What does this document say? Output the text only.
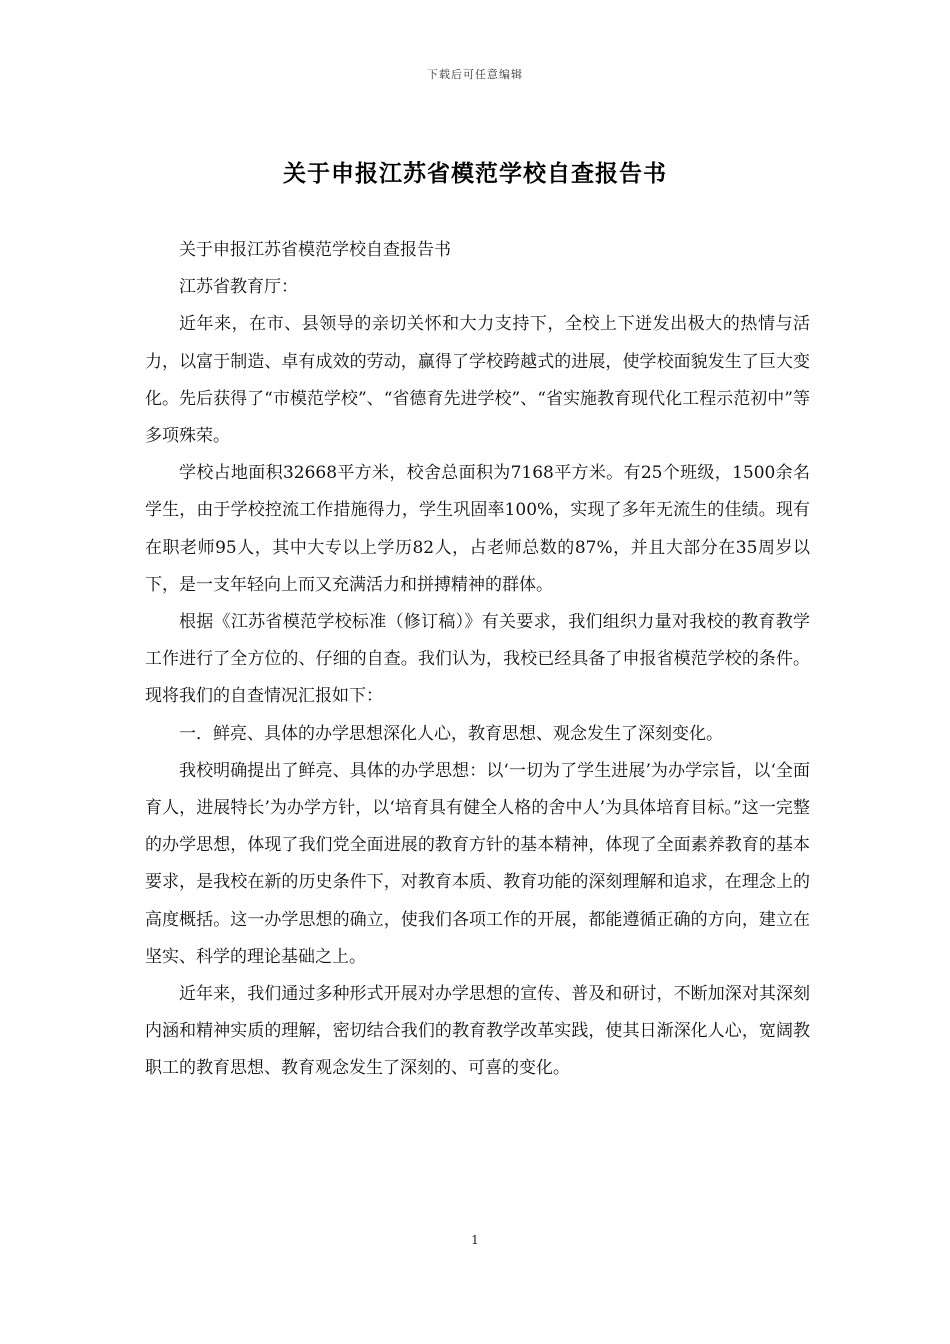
下载后可任意编辑
关于申报江苏省模范学校自查报告书

关于申报江苏省模范学校自查报告书

江苏省教育厅：

近年来，在市、县领导的亲切关怀和大力支持下，全校上下迸发出极大的热情与活力，以富于制造、卓有成效的劳动，赢得了学校跨越式的进展，使学校面貌发生了巨大变化。先后获得了“市模范学校”、“省德育先进学校”、“省实施教育现代化工程示范初中”等多项殊荣。

学校占地面积32668平方米，校舍总面积为7168平方米。有25个班级，1500余名学生，由于学校控流工作措施得力，学生巩固率100%，实现了多年无流生的佳绩。现有在职老师95人，其中大专以上学历82人，占老师总数的87%，并且大部分在35周岁以下，是一支年轻向上而又充满活力和拼搏精神的群体。

根据《江苏省模范学校标准（修订稿）》有关要求，我们组织力量对我校的教育教学工作进行了全方位的、仔细的自查。我们认为，我校已经具备了申报省模范学校的条件。现将我们的自查情况汇报如下：

一．鲜亮、具体的办学思想深化人心，教育思想、观念发生了深刻变化。

我校明确提出了鲜亮、具体的办学思想：以‘一切为了学生进展’为办学宗旨，以‘全面育人，进展特长’为办学方针，以‘培育具有健全人格的舍中人’为具体培育目标。”这一完整的办学思想，体现了我们党全面进展的教育方针的基本精神，体现了全面素养教育的基本要求，是我校在新的历史条件下，对教育本质、教育功能的深刻理解和追求，在理念上的高度概括。这一办学思想的确立，使我们各项工作的开展，都能遵循正确的方向，建立在坚实、科学的理论基础之上。

近年来，我们通过多种形式开展对办学思想的宣传、普及和研讨，不断加深对其深刻内涵和精神实质的理解，密切结合我们的教育教学改革实践，使其日渐深化人心，宽阔教职工的教育思想、教育观念发生了深刻的、可喜的变化。

1
